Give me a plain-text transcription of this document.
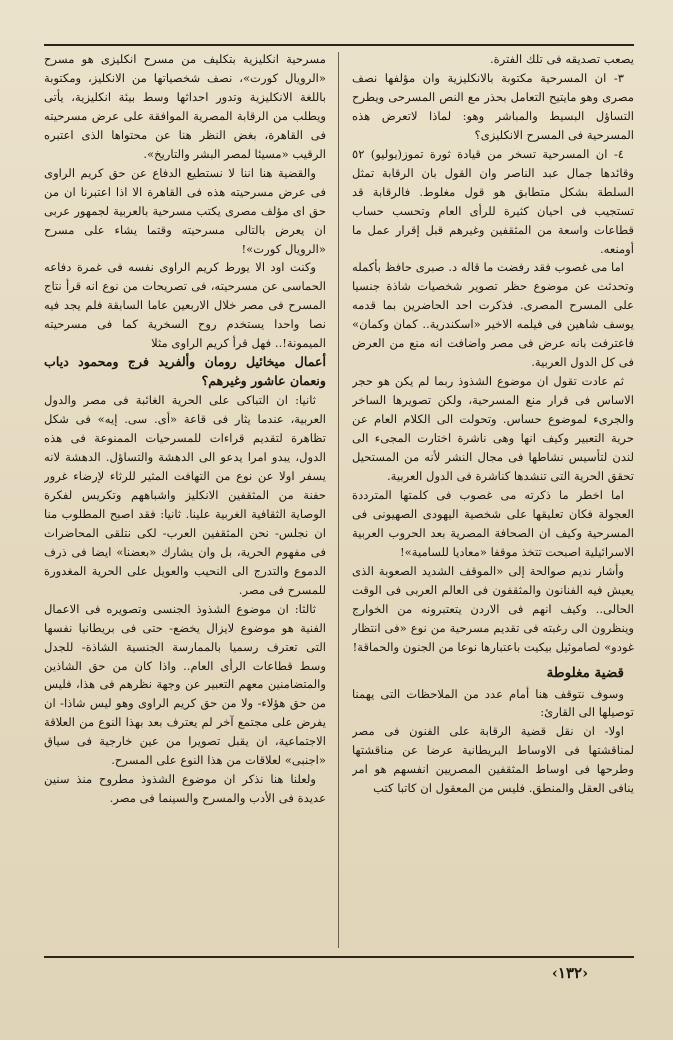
يصعب تصديقه فى تلك الفترة.

٣- ان المسرحية مكتوبة بالانكليزية وان مؤلفها نصف مصرى وهو مايتيح التعامل بحذر مع النص المسرحى ويطرح التساؤل البسيط والمباشر وهو: لماذا لاتعرض هذه المسرحية فى المسرح الانكليزى؟

٤- ان المسرحية تسخر من قيادة ثورة تموز(يوليو) ٥٢ وقائدها جمال عبد الناصر وان القول بان الرقابة تمثل السلطة بشكل متطابق هو قول مغلوط. فالرقابة قد تستجيب فى احيان كثيرة للرأى العام وتحسب حساب قطاعات واسعة من المثقفين وغيرهم قبل إقرار عمل ما أومنعه.

اما مى غصوب فقد رفضت ما قاله د. صبرى حافظ بأكمله وتحدثت عن موضوع حظر تصوير شخصيات شاذة جنسيا على المسرح المصرى. فذكرت احد الحاضرين بما قدمه يوسف شاهين فى فيلمه الاخير «اسكندرية.. كمان وكمان» فاعترفت بانه عرض فى مصر واضافت انه منع من العرض فى كل الدول العربية.

ثم عادت تقول ان موضوع الشذوذ ربما لم يكن هو حجر الاساس فى قرار منع المسرحية، ولكن تصويرها الساخر والجرىء لموضوع حساس. وتحولت الى الكلام العام عن حرية التعبير وكيف انها وهى ناشرة اختارت المجىء الى لندن لتأسيس نشاطها فى مجال النشر لأنه من المستحيل تحقق الحرية التى تنشدها كناشرة فى الدول العربية.

اما اخطر ما ذكرته مى غصوب فى كلمتها المترددة العجولة فكان تعليقها على شخصية اليهودى الصهيونى فى المسرحية وكيف ان الصحافة المصرية بعد الحروب العربية الاسرائيلية اصبحت تتخذ موقفا «معاديا للسامية»!

وأشار نديم صوالحة إلى «الموقف الشديد الصعوبة الذى يعيش فيه الفنانون والمثقفون فى العالم العربى فى الوقت الحالى.. وكيف انهم فى الاردن يتعتبرونه من الخوارج وينظرون الى رغبته فى تقديم مسرحية من نوع «فى انتظار غودو» لصاموئيل بيكيت باعتبارها نوعا من الجنون والحماقة!

قضية مغلوطة

وسوف نتوقف هنا أمام عدد من الملاحظات التى يهمنا توصيلها الى القارئ:

اولا- ان نقل قضية الرقابة على الفنون فى مصر لمناقشتها فى الاوساط البريطانية عرضا عن مناقشتها وطرحها فى اوساط المثقفين المصريين انفسهم هو امر ينافى العقل والمنطق. فليس من المعقول ان كاتبا كتب

مسرحية انكليزية بتكليف من مسرح انكليزى هو مسرح «الرويال كورت»، نصف شخصياتها من الانكليز، ومكتوبة باللغة الانكليزية وتدور احداثها وسط بيئة انكليزية، يأتى ويطلب من الرقابة المصرية الموافقة على عرض مسرحيته فى القاهرة، بغض النظر هنا عن محتواها الذى اعتبره الرقيب «مسيئا لمصر البشر والتاريخ».

والقضية هنا اننا لا نستطيع الدفاع عن حق كريم الراوى فى عرض مسرحيته هذه فى القاهرة الا اذا اعتبرنا ان من حق اى مؤلف مصرى يكتب مسرحية بالعربية لجمهور عربى ان يعرض بالتالى مسرحيته وقتما يشاء على مسرح «الرويال كورت»!

وكنت اود الا يورط كريم الراوى نفسه فى غمرة دفاعه الحماسى عن مسرحيته، فى تصريحات من نوع انه قرأ نتاج المسرح فى مصر خلال الاربعين عاما السابقة فلم يجد فيه نصا واحدا يستخدم روح السخرية كما فى مسرحيته الميمونة!.. فهل قرأ كريم الراوى مثلا

أعمال ميخائيل رومان وألفريد فرج ومحمود دياب ونعمان عاشور وغيرهم؟

ثانيا: ان التباكى على الحرية الغائبة فى مصر والدول العربية، عندما يثار فى قاعة «أى. سى. إيه» فى شكل تظاهرة لتقديم قراءات للمسرحيات الممنوعة فى هذه الدول، يبدو امرا يدعو الى الدهشة والتساؤل. الدهشة لانه يسفر اولا عن نوع من التهافت المثير للرثاء لإرضاء غرور حفنة من المثقفين الانكليز واشباههم وتكريس لفكرة الوصاية الثقافية الغربية علينا. ثانيا: فقد اصبح المطلوب منا ان نجلس- نحن المثقفين العرب- لكى نتلقى المحاضرات فى مفهوم الحرية، بل وان يشارك «بعضنا» ايضا فى ذرف الدموع والتدرج الى النحيب والعويل على الحرية المغدورة للمسرح فى مصر.

ثالثا: ان موضوع الشذوذ الجنسى وتصويره فى الاعمال الفنية هو موضوع لايزال يخضع- حتى فى بريطانيا نفسها التى تعترف رسميا بالممارسة الجنسية الشاذة- للجدل وسط قطاعات الرأى العام.. واذا كان من حق الشاذين والمتضامنين معهم التعبير عن وجهة نظرهم فى هذا، فليس من حق هؤلاء- ولا من حق كريم الراوى وهو ليس شاذا- ان يفرض على مجتمع آخر لم يعترف بعد بهذا النوع من العلاقة الاجتماعية، ان يقبل تصويرا من عين خارجية فى سياق «اجنبى» لعلاقات من هذا النوع على المسرح.

ولعلنا هنا نذكر ان موضوع الشذوذ مطروح منذ سنين عديدة فى الأدب والمسرح والسينما فى مصر.

‹١٣٢›
